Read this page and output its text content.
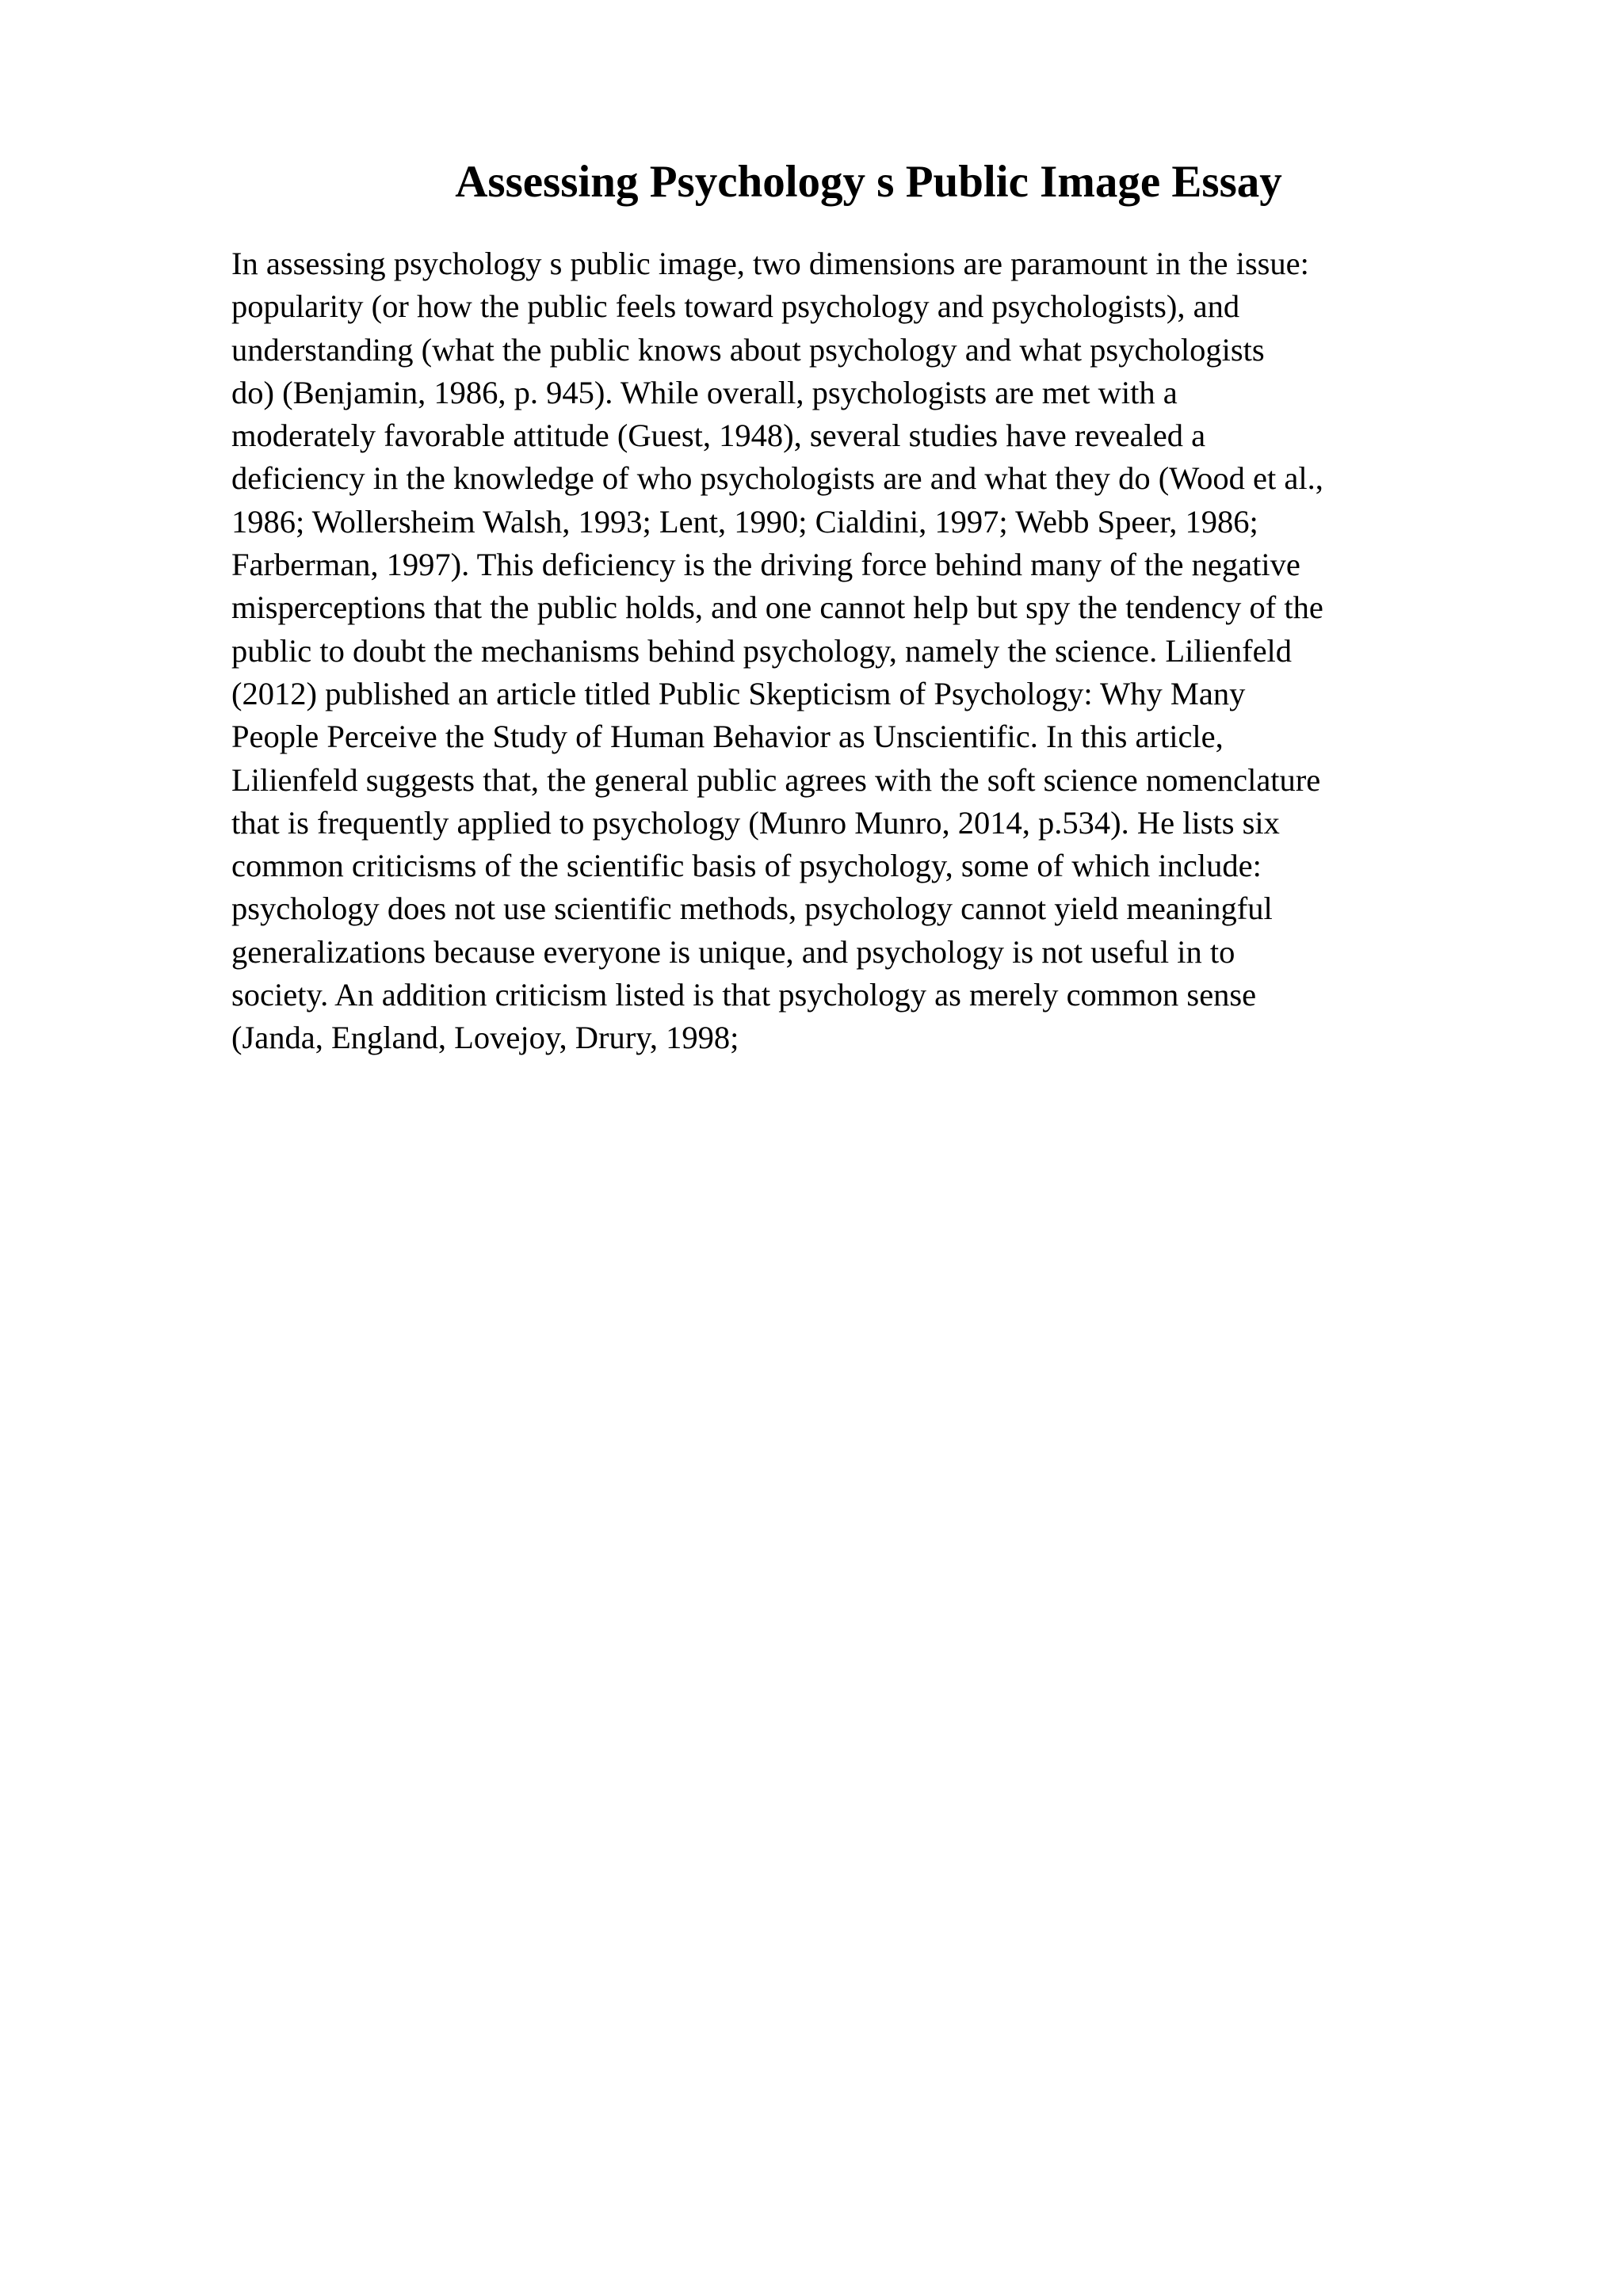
Assessing Psychology s Public Image Essay
In assessing psychology s public image, two dimensions are paramount in the issue:
popularity (or how the public feels toward psychology and psychologists), and
understanding (what the public knows about psychology and what psychologists
do) (Benjamin, 1986, p. 945). While overall, psychologists are met with a
moderately favorable attitude (Guest, 1948), several studies have revealed a
deficiency in the knowledge of who psychologists are and what they do (Wood et al.,
1986; Wollersheim Walsh, 1993; Lent, 1990; Cialdini, 1997; Webb Speer, 1986;
Farberman, 1997). This deficiency is the driving force behind many of the negative
misperceptions that the public holds, and one cannot help but spy the tendency of the
public to doubt the mechanisms behind psychology, namely the science. Lilienfeld
(2012) published an article titled Public Skepticism of Psychology: Why Many
People Perceive the Study of Human Behavior as Unscientific. In this article,
Lilienfeld suggests that, the general public agrees with the soft science nomenclature
that is frequently applied to psychology (Munro Munro, 2014, p.534). He lists six
common criticisms of the scientific basis of psychology, some of which include:
psychology does not use scientific methods, psychology cannot yield meaningful
generalizations because everyone is unique, and psychology is not useful in to
society. An addition criticism listed is that psychology as merely common sense
(Janda, England, Lovejoy, Drury, 1998;
